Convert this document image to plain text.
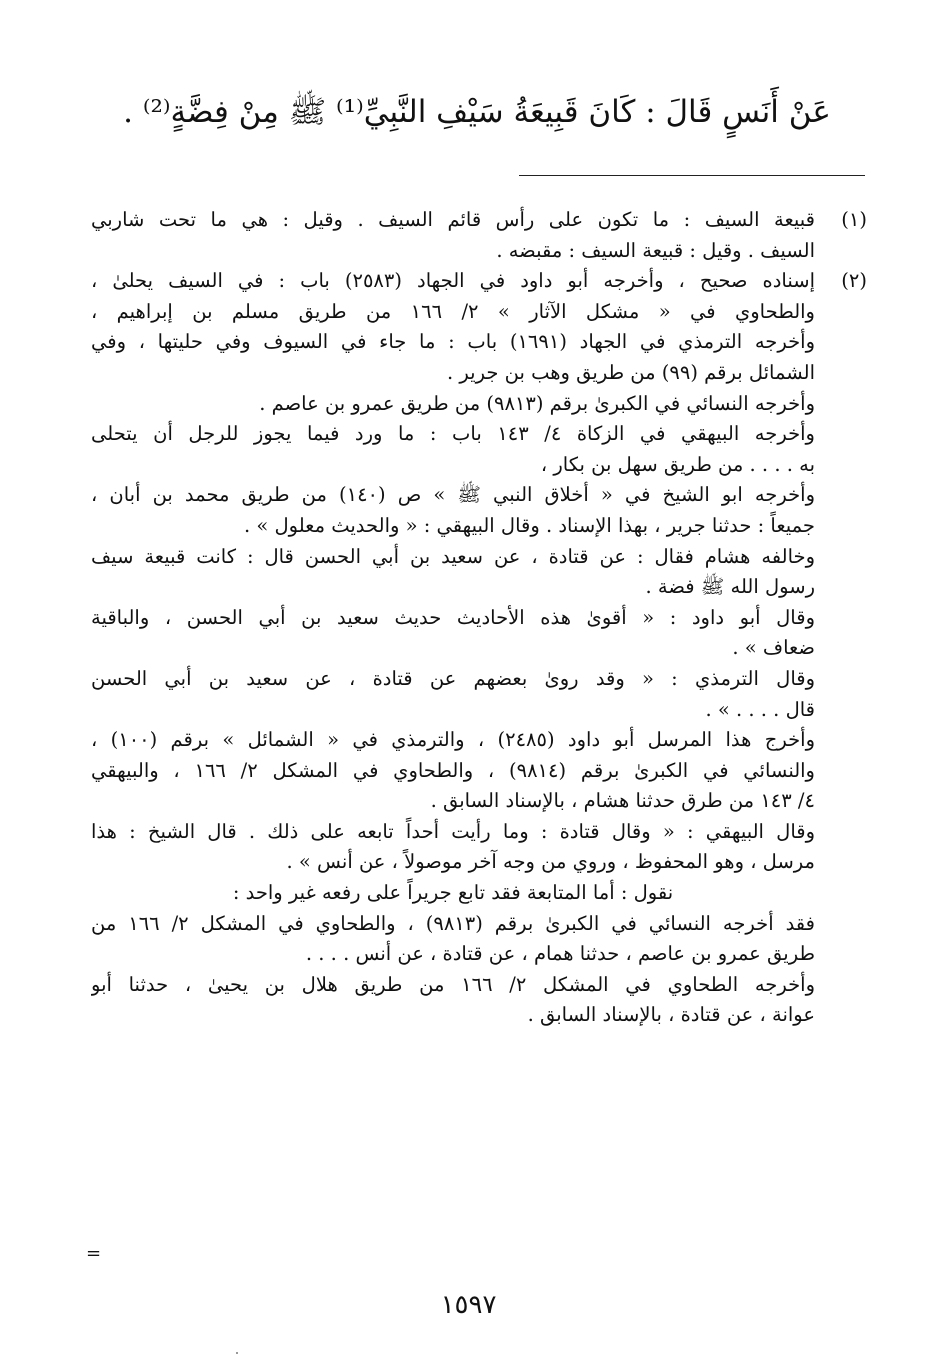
عَنْ أَنَسٍ قَالَ : كَانَ قَبِيعَةُ سَيْفِ النَّبِيِّ⁽¹⁾ ﷺ مِنْ فِضَّةٍ⁽²⁾ .
(١)
قبيعة السيف : ما تكون على رأس قائم السيف . وقيل : هي ما تحت شاربي
السيف . وقيل : قبيعة السيف : مقبضه .
(٢)
إسناده صحيح ، وأخرجه أبو داود في الجهاد (٢٥٨٣) باب : في السيف يحلىٰ ،
والطحاوي في « مشكل الآثار » ٢/ ١٦٦ من طريق مسلم بن إبراهيم ،
وأخرجه الترمذي في الجهاد (١٦٩١) باب : ما جاء في السيوف وفي حليتها ، وفي
الشمائل برقم (٩٩) من طريق وهب بن جرير .
وأخرجه النسائي في الكبرىٰ برقم (٩٨١٣) من طريق عمرو بن عاصم .
وأخرجه البيهقي في الزكاة ٤/ ١٤٣ باب : ما ورد فيما يجوز للرجل أن يتحلى
به . . . . من طريق سهل بن بكار ،
وأخرجه ابو الشيخ في « أخلاق النبي ﷺ » ص (١٤٠) من طريق محمد بن أبان ،
جميعاً : حدثنا جرير ، بهذا الإسناد . وقال البيهقي : « والحديث معلول » .
وخالفه هشام فقال : عن قتادة ، عن سعيد بن أبي الحسن قال : كانت قبيعة سيف
رسول الله ﷺ فضة .
وقال أبو داود : « أقوىٰ هذه الأحاديث حديث سعيد بن أبي الحسن ، والباقية
ضعاف » .
وقال الترمذي : « وقد روىٰ بعضهم عن قتادة ، عن سعيد بن أبي الحسن
قال . . . . » .
وأخرج هذا المرسل أبو داود (٢٤٨٥) ، والترمذي في « الشمائل » برقم (١٠٠) ،
والنسائي في الكبرىٰ برقم (٩٨١٤) ، والطحاوي في المشكل ٢/ ١٦٦ ، والبيهقي
٤/ ١٤٣ من طرق حدثنا هشام ، بالإسناد السابق .
وقال البيهقي : « وقال قتادة : وما رأيت أحداً تابعه على ذلك . قال الشيخ : هذا
مرسل ، وهو المحفوظ ، وروي من وجه آخر موصولاً ، عن أنس » .
نقول : أما المتابعة فقد تابع جريراً على رفعه غير واحد :
فقد أخرجه النسائي في الكبرىٰ برقم (٩٨١٣) ، والطحاوي في المشكل ٢/ ١٦٦ من
طريق عمرو بن عاصم ، حدثنا همام ، عن قتادة ، عن أنس . . . .
وأخرجه الطحاوي في المشكل ٢/ ١٦٦ من طريق هلال بن يحيىٰ ، حدثنا أبو
عوانة ، عن قتادة ، بالإسناد السابق .
=
١٥٩٧
